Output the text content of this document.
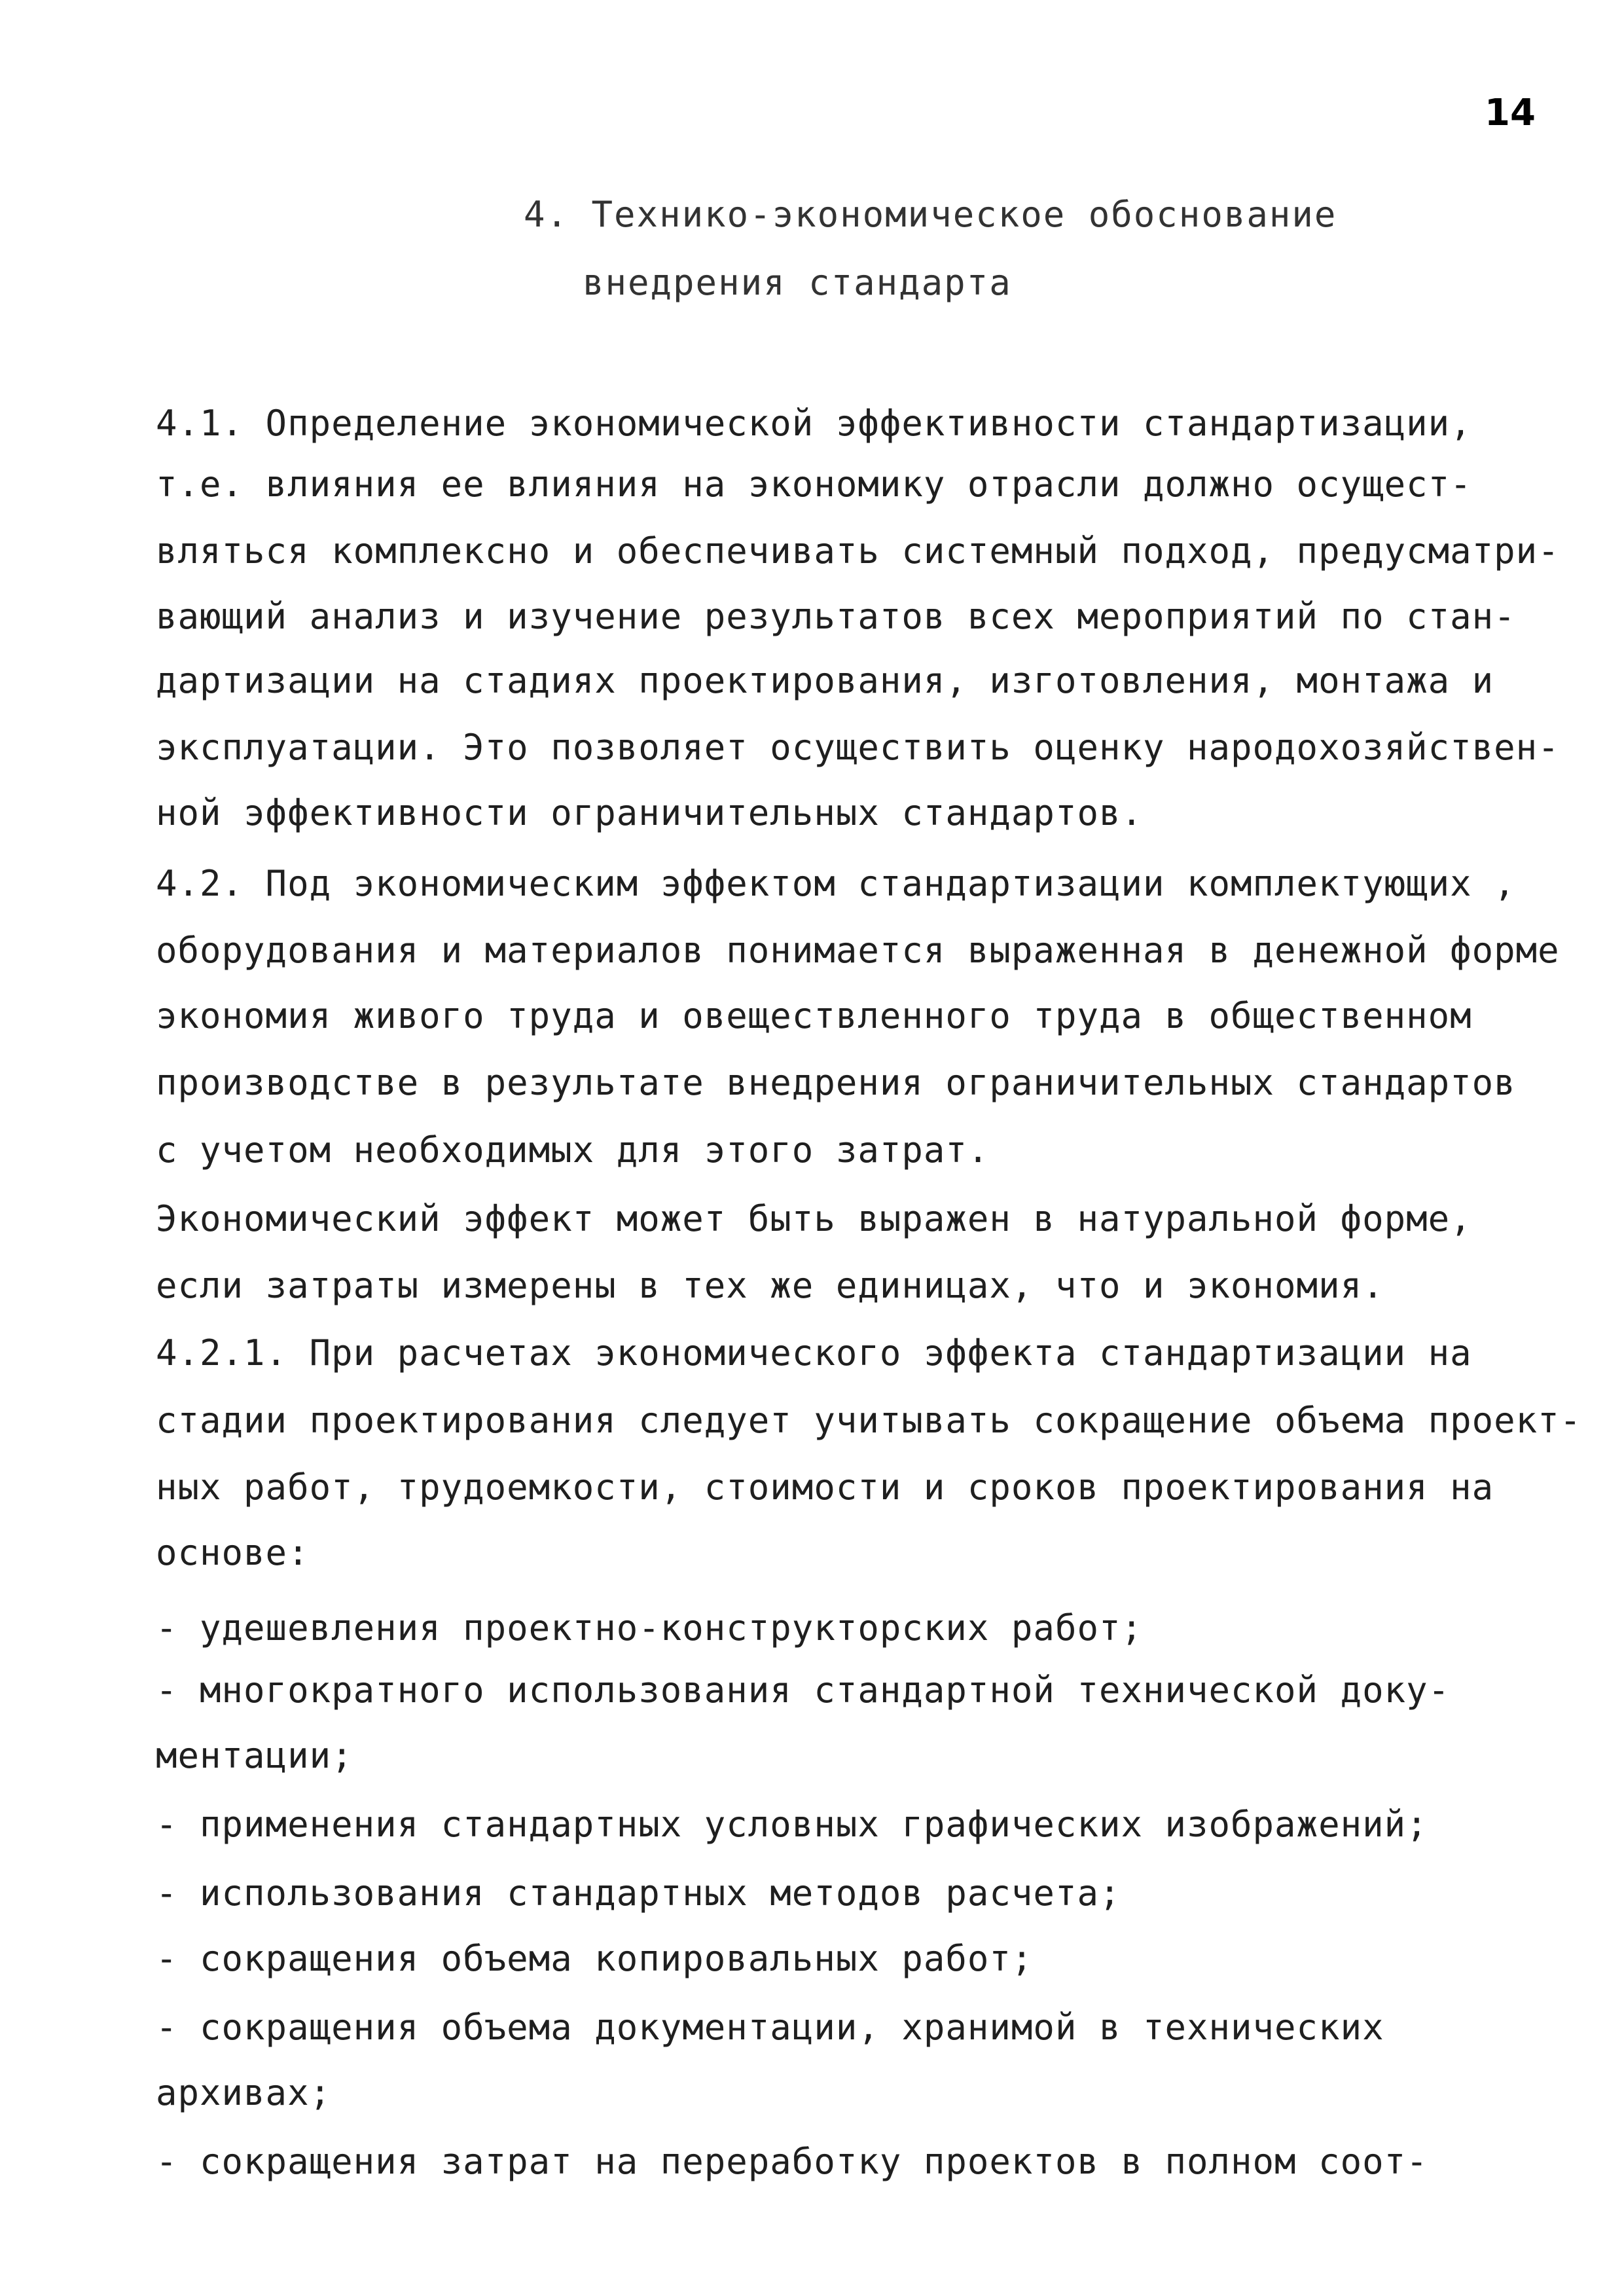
14
4. Технико-экономическое обоснование
внедрения стандарта
4.1. Определение экономической эффективности стандартизации,
т.е. влияния ее влияния на экономику отрасли должно осущест-
вляться комплексно и обеспечивать системный подход, предусматри-
вающий анализ и изучение результатов всех мероприятий по стан-
дартизации на стадиях проектирования, изготовления, монтажа и
эксплуатации. Это позволяет осуществить оценку народохозяйствен-
ной эффективности ограничительных стандартов.
4.2. Под экономическим эффектом стандартизации комплектующих ,
оборудования и материалов понимается выраженная в денежной форме
экономия живого труда и овеществленного труда в общественном
производстве в результате внедрения ограничительных стандартов
с учетом необходимых для этого затрат.
Экономический эффект может быть выражен в натуральной форме,
если затраты измерены в тех же единицах, что и экономия.
4.2.1. При расчетах экономического эффекта стандартизации на
стадии проектирования следует учитывать сокращение объема проект-
ных работ, трудоемкости, стоимости и сроков проектирования на
основе:
- удешевления проектно-конструкторских работ;
- многократного использования стандартной технической доку-
ментации;
- применения стандартных условных графических изображений;
- использования стандартных методов расчета;
- сокращения объема копировальных работ;
- сокращения объема документации, хранимой в технических
архивах;
- сокращения затрат на переработку проектов в полном соот-
